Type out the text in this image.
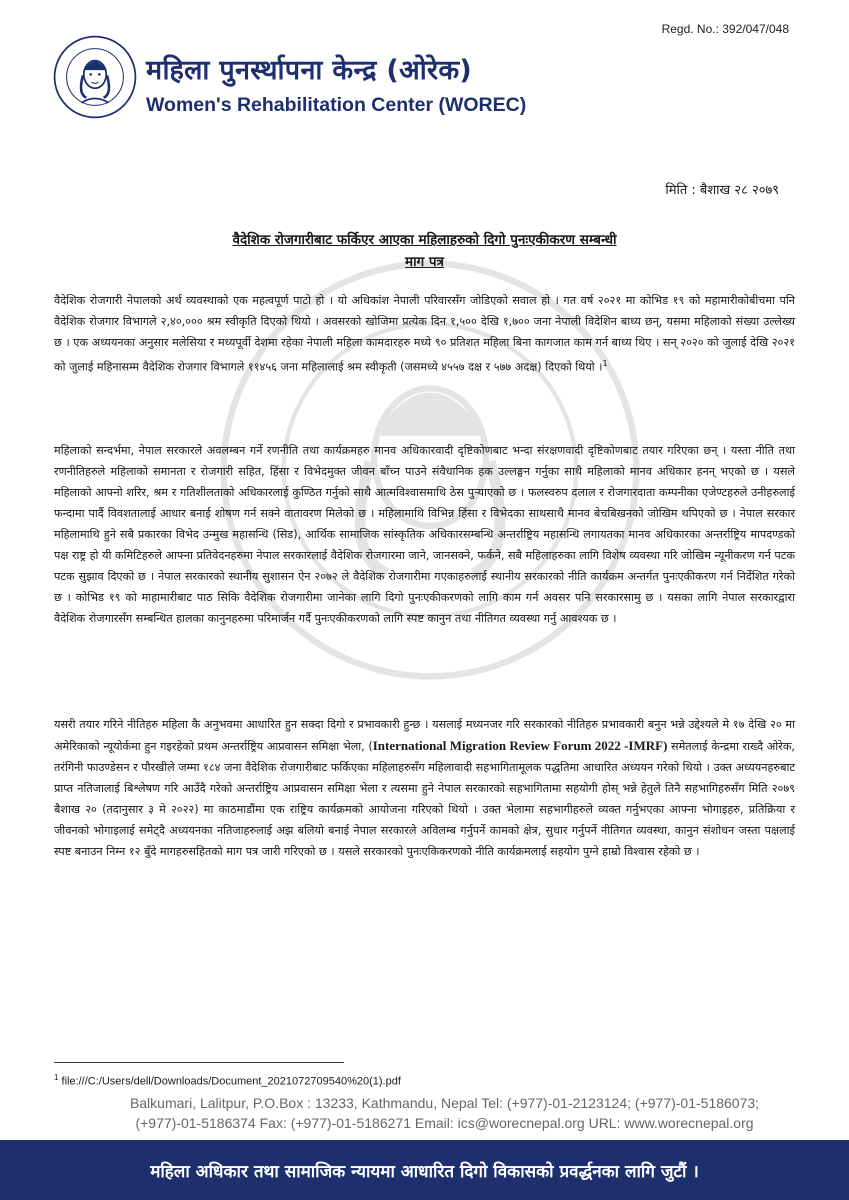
Regd. No.: 392/047/048
महिला पुनर्स्थापना केन्द्र (ओरेक)
Women's Rehabilitation Center (WOREC)
मिति : बैशाख २८ २०७९
वैदेशिक रोजगारीबाट फर्किएर आएका महिलाहरुको दिगो पुनःएकीकरण सम्बन्धी
माग पत्र
वैदेशिक रोजगारी नेपालको अर्थ व्यवस्थाको एक महत्वपूर्ण पाटो हो । यो अधिकांश नेपाली परिवारसँग जोडिएको सवाल हो । गत वर्ष २०२१ मा कोभिड १९ को महामारीकोबीचमा पनि वैदेशिक रोजगार विभागले २,४०,००० श्रम स्वीकृति दिएको थियो । अवसरको खोजिमा प्रत्येक दिन १,५०० देखि १,७०० जना नेपाली विदेशिन बाध्य छन्, यसमा महिलाको संख्या उल्लेख्य छ । एक अध्ययनका अनुसार मलेसिया र मध्यपूर्वी देशमा रहेका नेपाली महिला कामदारहरु मध्ये ९० प्रतिशत महिला बिना कागजात काम गर्न बाध्य थिए । सन् २०२० को जुलाई देखि २०२१ को जुलाई महिनासम्म वैदेशिक रोजगार विभागले ११४५६ जना महिलालाई श्रम स्वीकृती (जसमध्ये ४५५७ दक्ष र ५७७ अदक्ष) दिएको थियो ।$^1$
महिलाको सन्दर्भमा, नेपाल सरकारले अवलम्बन गर्ने रणनीति तथा कार्यक्रमहरु मानव अधिकारवादी दृष्टिकोणबाट भन्दा संरक्षणवादी दृष्टिकोणबाट तयार गरिएका छन् । यस्ता नीति तथा रणनीतिहरुले महिलाको समानता र रोजगारी सहित, हिंसा र विभेदमुक्त जीवन बाँच्न पाउने संवैधानिक हक उल्लङ्घन गर्नुका साथै महिलाको मानव अधिकार हनन् भएको छ । यसले महिलाको आफ्नो शरिर, श्रम र गतिशीलताको अधिकारलाई कुण्ठित गर्नुको साथै आत्मविश्वासमाथि ठेस पुर्‍याएको छ । फलस्वरुप दलाल र रोजगारदाता कम्पनीका एजेण्टहरुले उनीहरुलाई फन्दामा पार्दै विवशतालाई आधार बनाई शोषण गर्न सक्ने वातावरण मिलेको छ । महिलामाथि विभिन्न हिंसा र विभेदका साथसाथै मानव बेचबिखनको जोखिम थपिएको छ । नेपाल सरकार महिलामाथि हुने सबै प्रकारका विभेद उन्मुख महासन्धि (सिड), आर्थिक सामाजिक सांस्कृतिक अधिकारसम्बन्धि अन्तर्राष्ट्रिय महासन्धि लगायतका मानव अधिकारका अन्तर्राष्ट्रिय मापदण्डको पक्ष राष्ट्र हो यी कमिटिहरुले आफ्ना प्रतिवेदनहरुमा नेपाल सरकारलाई वैदेशिक रोजगारमा जाने, जानसक्ने, फर्कने, सबै महिलाहरुका लागि विशेष व्यवस्था गरि जोखिम न्यूनीकरण गर्न पटक पटक सुझाव दिएको छ । नेपाल सरकारको स्थानीय सुशासन ऐन २०७२ ले वैदेशिक रोजगारीमा गएकाहरुलाई स्थानीय सरकारको नीति कार्यक्रम अन्तर्गत पुनःएकीकरण गर्न निर्देशित गरेको छ । कोभिड १९ को माहामारीबाट पाठ सिकि वैदेशिक रोजगारीमा जानेका लागि दिगो पुनःएकीकरणको लागि काम गर्न अवसर पनि सरकारसामु छ । यसका लागि नेपाल सरकारद्वारा वैदेशिक रोजगारसँग सम्बन्धित हालका कानुनहरुमा परिमार्जन गर्दै पुनःएकीकरणको लागि स्पष्ट कानुन तथा नीतिगत व्यवस्था गर्नु आवश्यक छ ।
यसरी तयार गरिने नीतिहरु महिला कै अनुभवमा आधारित हुन सक्दा दिगो र प्रभावकारी हुन्छ । यसलाई मध्यनजर गरि सरकारको नीतिहरु प्रभावकारी बनुन भन्ने उद्देश्यले मे १७ देखि २० मा अमेरिकाको न्यूयोर्कमा हुन गइरहेको प्रथम अन्तर्राष्ट्रिय आप्रवासन समिक्षा भेला, (International Migration Review Forum 2022 -IMRF) समेतलाई केन्द्रमा राख्दै ओरेक, तरंगिनी फाउण्डेसन र पौरखीले जम्मा १८४ जना वैदेशिक रोजगारीबाट फर्किएका महिलाहरुसँग महिलावादी सहभागितामूलक पद्धतिमा आधारित अध्ययन गरेको थियो । उक्त अध्ययनहरुबाट प्राप्त नतिजालाई बिश्लेषण गरि आउँदै गरेको अन्तर्राष्ट्रिय आप्रवासन समिक्षा भेला र त्यसमा हुने नेपाल सरकारको सहभागितामा सहयोगी होस् भन्ने हेतुले तिनै सहभागिहरुसँग मिति २०७९ बैशाख २० (तदानुसार ३ मे २०२२) मा काठमाडौंमा एक राष्ट्रिय कार्यक्रमको आयोजना गरिएको थियो । उक्त भेलामा सहभागीहरुले व्यक्त गर्नुभएका आफ्ना भोगाइहरु, प्रतिक्रिया र जीवनको भोगाइलाई समेट्दै अध्ययनका नतिजाहरुलाई अझ बलियो बनाई नेपाल सरकारले अविलम्ब गर्नुपर्ने कामको क्षेत्र, सुधार गर्नुपर्ने नीतिगत व्यवस्था, कानुन संशोधन जस्ता पक्षलाई स्पष्ट बनाउन निम्न १२ बुँदे मागहरुसहितको माग पत्र जारी गरिएको छ । यसले सरकारको पुनःएकिकरणको नीति कार्यक्रमलाई सहयोग पुग्ने हाम्रो विश्वास रहेको छ ।
$^1$ file:///C:/Users/dell/Downloads/Document_2021072709540%20(1).pdf
Balkumari, Lalitpur, P.O.Box : 13233, Kathmandu, Nepal Tel: (+977)-01-2123124; (+977)-01-5186073;
(+977)-01-5186374 Fax: (+977)-01-5186271 Email: ics@worecnepal.org URL: www.worecnepal.org
महिला अधिकार तथा सामाजिक न्यायमा आधारित दिगो विकासको प्रवर्द्धनका लागि जुटौं ।
